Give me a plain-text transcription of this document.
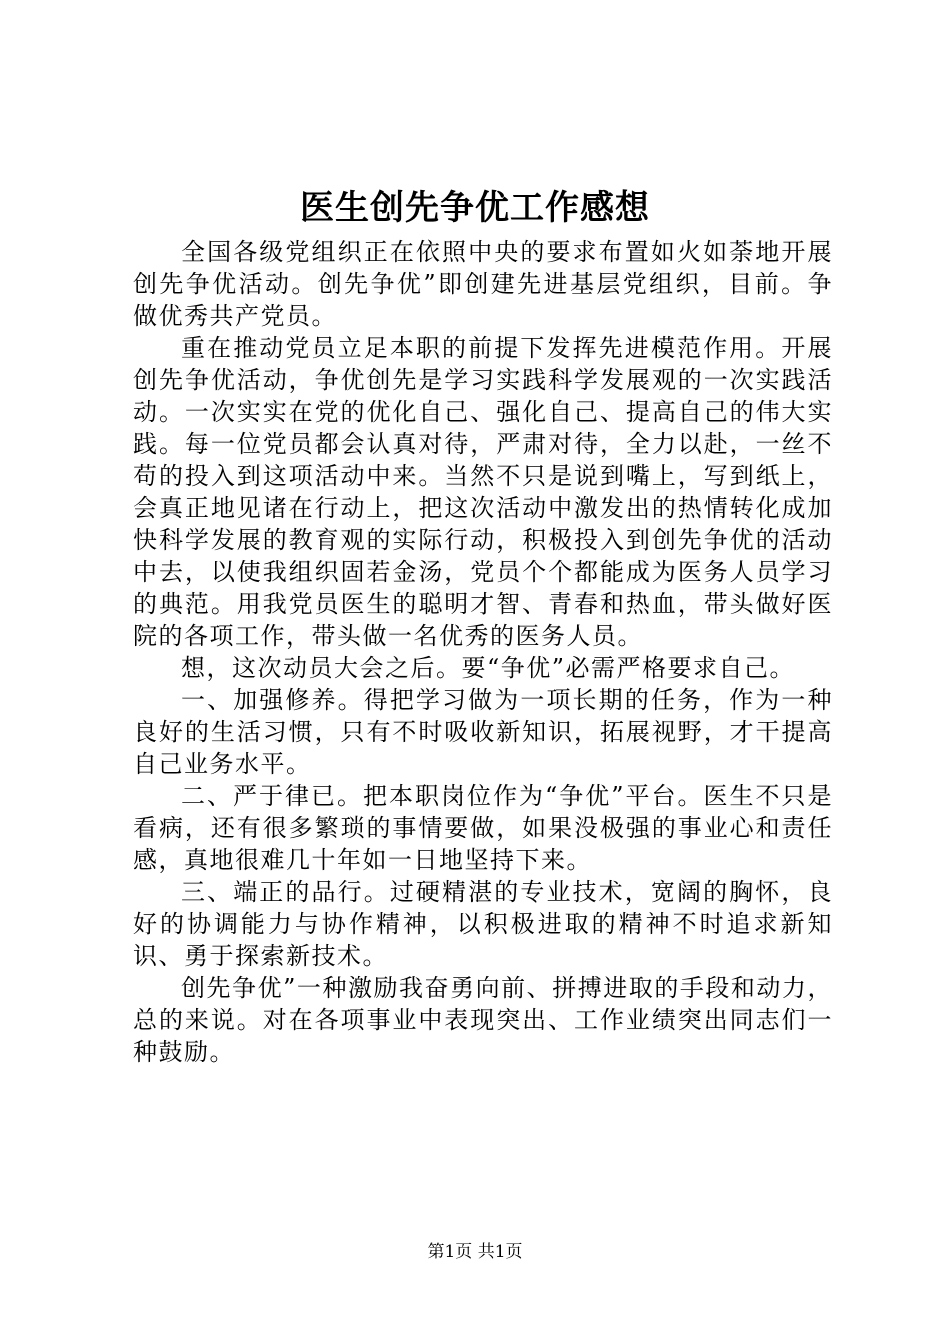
医生创先争优工作感想

全国各级党组织正在依照中央的要求布置如火如荼地开展创先争优活动。创先争优”即创建先进基层党组织，目前。争做优秀共产党员。

重在推动党员立足本职的前提下发挥先进模范作用。开展创先争优活动，争优创先是学习实践科学发展观的一次实践活动。一次实实在党的优化自己、强化自己、提高自己的伟大实践。每一位党员都会认真对待，严肃对待，全力以赴，一丝不苟的投入到这项活动中来。当然不只是说到嘴上，写到纸上，会真正地见诸在行动上，把这次活动中激发出的热情转化成加快科学发展的教育观的实际行动，积极投入到创先争优的活动中去，以使我组织固若金汤，党员个个都能成为医务人员学习的典范。用我党员医生的聪明才智、青春和热血，带头做好医院的各项工作，带头做一名优秀的医务人员。

想，这次动员大会之后。要“争优”必需严格要求自己。

一、加强修养。得把学习做为一项长期的任务，作为一种良好的生活习惯，只有不时吸收新知识，拓展视野，才干提高自己业务水平。

二、严于律已。把本职岗位作为“争优”平台。医生不只是看病，还有很多繁琐的事情要做，如果没极强的事业心和责任感，真地很难几十年如一日地坚持下来。

三、端正的品行。过硬精湛的专业技术，宽阔的胸怀，良好的协调能力与协作精神，以积极进取的精神不时追求新知识、勇于探索新技术。

创先争优”一种激励我奋勇向前、拼搏进取的手段和动力，总的来说。对在各项事业中表现突出、工作业绩突出同志们一种鼓励。

第1页 共1页
